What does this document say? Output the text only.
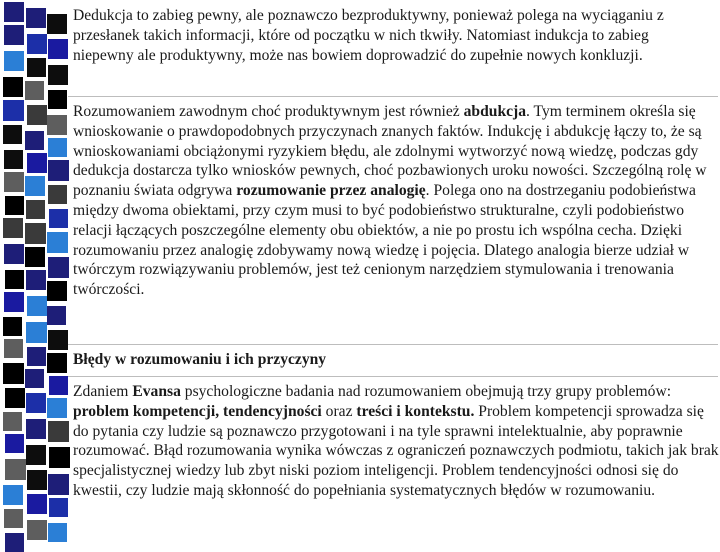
Dedukcja to zabieg pewny, ale poznawczo bezproduktywny, ponieważ polega na wyciąganiu z przesłanek takich informacji, które od początku w nich tkwiły. Natomiast indukcja to zabieg niepewny ale produktywny, może nas bowiem doprowadzić do zupełnie nowych konkluzji.

Rozumowaniem zawodnym choć produktywnym jest również abdukcja. Tym terminem określa się wnioskowanie o prawdopodobnych przyczynach znanych faktów. Indukcję i abdukcję łączy to, że są wnioskowaniami obciążonymi ryzykiem błędu, ale zdolnymi wytworzyć nową wiedzę, podczas gdy dedukcja dostarcza tylko wniosków pewnych, choć pozbawionych uroku nowości. Szczególną rolę w poznaniu świata odgrywa rozumowanie przez analogię. Polega ono na dostrzeganiu podobieństwa między dwoma obiektami, przy czym musi to być podobieństwo strukturalne, czyli podobieństwo relacji łączących poszczególne elementy obu obiektów, a nie po prostu ich wspólna cecha. Dzięki rozumowaniu przez analogię zdobywamy nową wiedzę i pojęcia. Dlatego analogia bierze udział w twórczym rozwiązywaniu problemów, jest też cenionym narzędziem stymulowania i trenowania twórczości.

Błędy w rozumowaniu i ich przyczyny

Zdaniem Evansa psychologiczne badania nad rozumowaniem obejmują trzy grupy problemów: problem kompetencji, tendencyjności oraz treści i kontekstu. Problem kompetencji sprowadza się do pytania czy ludzie są poznawczo przygotowani i na tyle sprawni intelektualnie, aby poprawnie rozumować. Błąd rozumowania wynika wówczas z ograniczeń poznawczych podmiotu, takich jak brak specjalistycznej wiedzy lub zbyt niski poziom inteligencji. Problem tendencyjności odnosi się do kwestii, czy ludzie mają skłonność do popełniania systematycznych błędów w rozumowaniu.
